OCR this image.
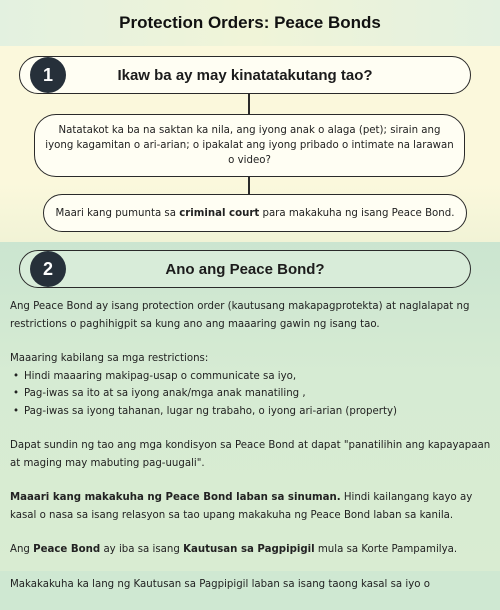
Protection Orders: Peace Bonds
Ikaw ba ay may kinatatakutang tao?
1

Natatakot ka ba na saktan ka nila, ang iyong anak o alaga (pet); sirain ang iyong kagamitan o ari-arian; o ipakalat ang iyong pribado o intimate na larawan o video?

Maari kang pumunta sa criminal court para makakuha ng isang Peace Bond.

Ano ang Peace Bond?
2

Ang Peace Bond ay isang protection order (kautusang makapagprotekta) at naglalapat ng restrictions o paghihigpit sa kung ano ang maaaring gawin ng isang tao.

Maaaring kabilang sa mga restrictions:
• Hindi maaaring makipag-usap o communicate sa iyo,
• Pag-iwas sa ito at sa iyong anak/mga anak manatiling ,
• Pag-iwas sa iyong tahanan, lugar ng trabaho, o iyong ari-arian (property)

Dapat sundin ng tao ang mga kondisyon sa Peace Bond at dapat "panatilihin ang kapayapaan at maging may mabuting pag-uugali".

Maaari kang makakuha ng Peace Bond laban sa sinuman. Hindi kailangang kayo ay kasal o nasa sa isang relasyon sa tao upang makakuha ng Peace Bond laban sa kanila.

Ang Peace Bond ay iba sa isang Kautusan sa Pagpipigil mula sa Korte Pampamilya.

Makakakuha ka lang ng Kautusan sa Pagpipigil laban sa isang taong kasal sa iyo o
